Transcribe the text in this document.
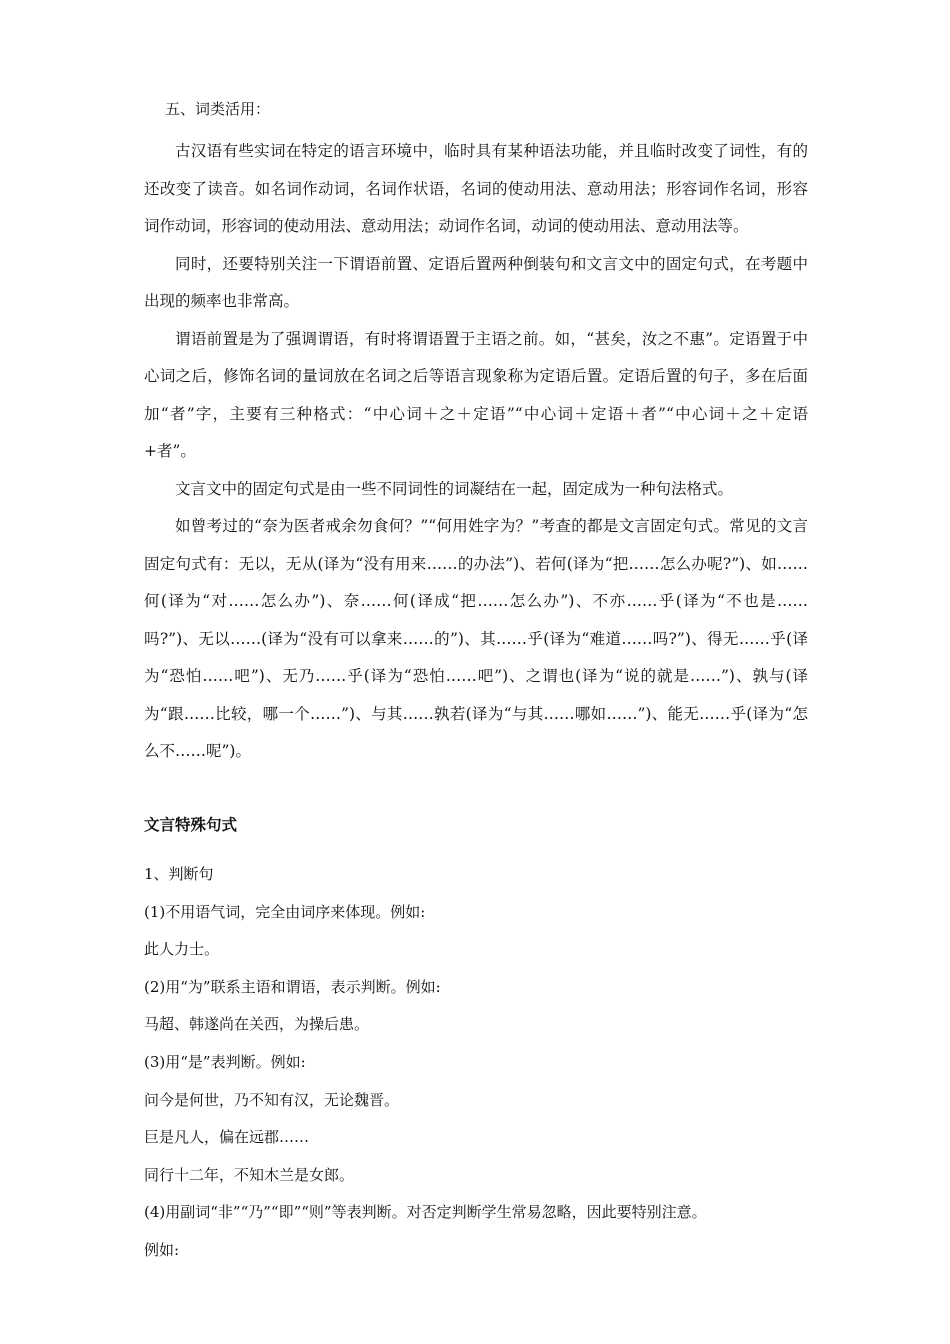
五、词类活用：

古汉语有些实词在特定的语言环境中，临时具有某种语法功能，并且临时改变了词性，有的还改变了读音。如名词作动词，名词作状语，名词的使动用法、意动用法；形容词作名词，形容词作动词，形容词的使动用法、意动用法；动词作名词，动词的使动用法、意动用法等。

同时，还要特别关注一下谓语前置、定语后置两种倒装句和文言文中的固定句式，在考题中出现的频率也非常高。

谓语前置是为了强调谓语，有时将谓语置于主语之前。如，“甚矣，汝之不惠”。定语置于中心词之后，修饰名词的量词放在名词之后等语言现象称为定语后置。定语后置的句子，多在后面加“者”字，主要有三种格式：“中心词＋之＋定语”“中心词＋定语＋者”“中心词＋之＋定语+者”。

文言文中的固定句式是由一些不同词性的词凝结在一起，固定成为一种句法格式。

如曾考过的“奈为医者戒余勿食何？”“何用姓字为？”考查的都是文言固定句式。常见的文言固定句式有：无以，无从(译为“没有用来……的办法”)、若何(译为“把……怎么办呢?”)、如……何(译为“对……怎么办”)、奈……何(译成“把……怎么办”)、不亦……乎(译为“不也是……吗?”)、无以……(译为“没有可以拿来……的”)、其……乎(译为“难道……吗?”)、得无……乎(译为“恐怕……吧”)、无乃……乎(译为“恐怕……吧”)、之谓也(译为“说的就是……”)、孰与(译为“跟……比较，哪一个……”)、与其……孰若(译为“与其……哪如……”)、能无……乎(译为“怎么不……呢”)。

文言特殊句式

1、判断句

(1)不用语气词，完全由词序来体现。例如:

此人力士。

(2)用“为”联系主语和谓语，表示判断。例如:

马超、韩遂尚在关西，为操后患。

(3)用“是”表判断。例如:

问今是何世，乃不知有汉，无论魏晋。

巨是凡人，偏在远郡……

同行十二年，不知木兰是女郎。

(4)用副词“非”“乃”“即”“则”等表判断。对否定判断学生常易忽略，因此要特别注意。

例如:
